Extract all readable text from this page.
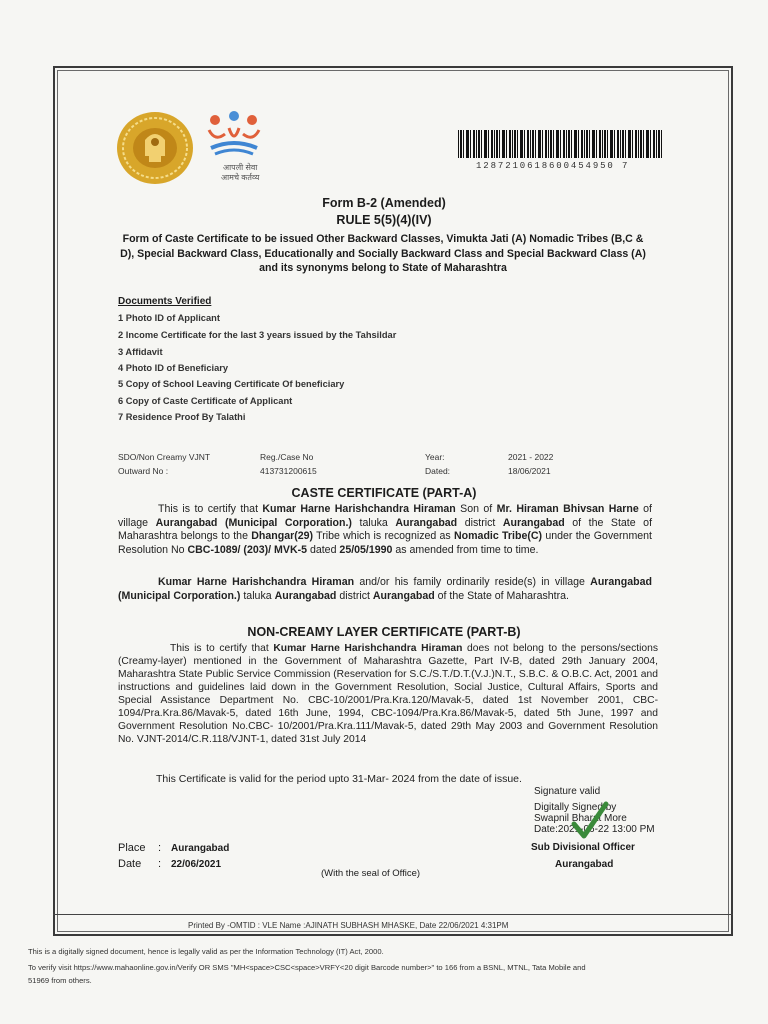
आपली सेवा
आमचे कर्तव्य
1287210618600454950 7
Form B-2 (Amended)
RULE 5(5)(4)(IV)
Form of Caste Certificate to be issued Other Backward Classes, Vimukta Jati (A) Nomadic Tribes (B,C & D), Special Backward Class, Educationally and Socially Backward Class and Special Backward Class (A) and its synonyms belong to State of Maharashtra
Documents Verified
1 Photo ID of Applicant
2 Income Certificate for the last 3 years issued by the Tahsildar
3 Affidavit
4 Photo ID of Beneficiary
5 Copy of School Leaving Certificate Of beneficiary
6 Copy of Caste Certificate of Applicant
7 Residence Proof By Talathi
SDO/Non Creamy VJNT	Reg./Case No	Year:	2021 - 2022
Outward No :	413731200615	Dated:	18/06/2021
CASTE CERTIFICATE (PART-A)
This is to certify that Kumar Harne Harishchandra Hiraman Son of Mr. Hiraman Bhivsan Harne of village Aurangabad (Municipal Corporation.) taluka Aurangabad district Aurangabad of the State of Maharashtra belongs to the Dhangar(29) Tribe which is recognized as Nomadic Tribe(C) under the Government Resolution No CBC-1089/ (203)/ MVK-5 dated 25/05/1990 as amended from time to time.
Kumar Harne Harishchandra Hiraman and/or his family ordinarily reside(s) in village Aurangabad (Municipal Corporation.) taluka Aurangabad district Aurangabad of the State of Maharashtra.
NON-CREAMY LAYER CERTIFICATE (PART-B)
This is to certify that Kumar Harne Harishchandra Hiraman does not belong to the persons/sections (Creamy-layer) mentioned in the Government of Maharashtra Gazette, Part IV-B, dated 29th January 2004, Maharashtra State Public Service Commission (Reservation for S.C./S.T./D.T.(V.J.)N.T., S.B.C. & O.B.C. Act, 2001 and instructions and guidelines laid down in the Government Resolution, Social Justice, Cultural Affairs, Sports and Special Assistance Department No. CBC-10/2001/Pra.Kra.120/Mavak-5, dated 1st November 2001, CBC-1094/Pra.Kra.86/Mavak-5, dated 16th June, 1994, CBC-1094/Pra.Kra.86/Mavak-5, dated 5th June, 1997 and Government Resolution No.CBC- 10/2001/Pra.Kra.111/Mavak-5, dated 29th May 2003 and Government Resolution No. VJNT-2014/C.R.118/VJNT-1, dated 31st July 2014
This Certificate is valid for the period upto 31-Mar- 2024 from the date of issue.
Signature valid
Digitally Signed by
Swapnil Bharat More
Date:2021-06-22 13:00 PM
Sub Divisional Officer
Aurangabad
Place : Aurangabad
Date : 22/06/2021
(With the seal of Office)
Printed By -OMTID : VLE Name :AJINATH SUBHASH MHASKE, Date 22/06/2021 4:31PM
This is a digitally signed document, hence is legally valid as per the Information Technology (IT) Act, 2000.
To verify visit https://www.mahaonline.gov.in/Verify OR SMS "MH<space>CSC<space>VRFY<20 digit Barcode number>" to 166 from a BSNL, MTNL, Tata Mobile and
51969 from others.
